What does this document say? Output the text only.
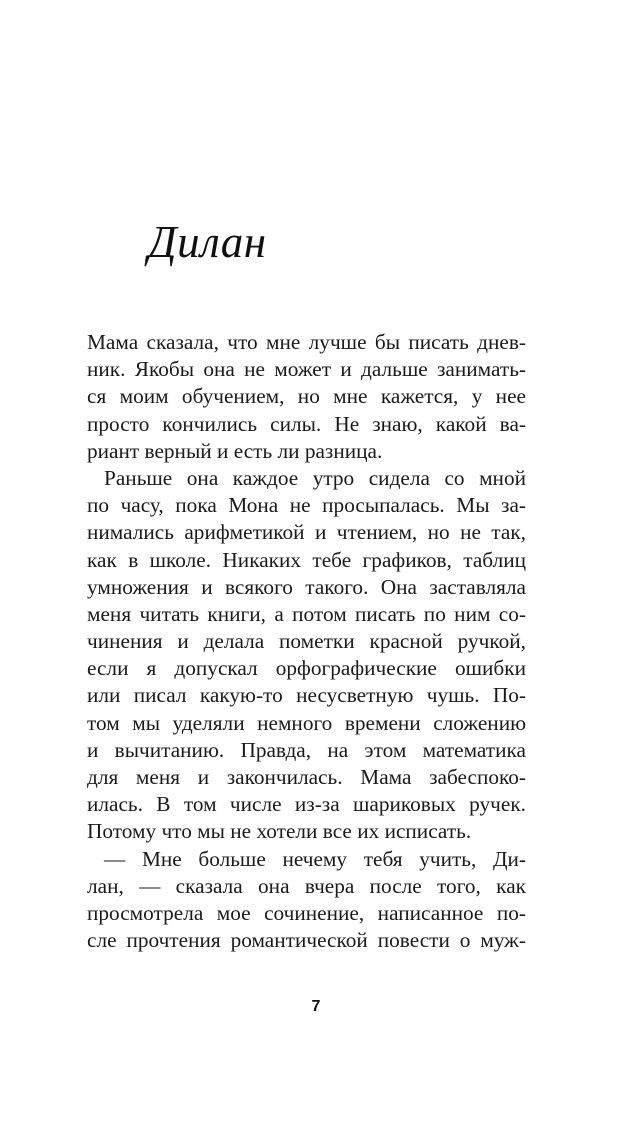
Дилан
Мама сказала, что мне лучше бы писать днев-
ник. Якобы она не может и дальше занимать-
ся моим обучением, но мне кажется, у нее
просто кончились силы. Не знаю, какой ва-
риант верный и есть ли разница.
Раньше она каждое утро сидела со мной
по часу, пока Мона не просыпалась. Мы за-
нимались арифметикой и чтением, но не так,
как в школе. Никаких тебе графиков, таблиц
умножения и всякого такого. Она заставляла
меня читать книги, а потом писать по ним со-
чинения и делала пометки красной ручкой,
если я допускал орфографические ошибки
или писал какую-то несусветную чушь. По-
том мы уделяли немного времени сложению
и вычитанию. Правда, на этом математика
для меня и закончилась. Мама забеспоко-
илась. В том числе из-за шариковых ручек.
Потому что мы не хотели все их исписать.
— Мне больше нечему тебя учить, Ди-
лан, — сказала она вчера после того, как
просмотрела мое сочинение, написанное по-
сле прочтения романтической повести о муж-
7
